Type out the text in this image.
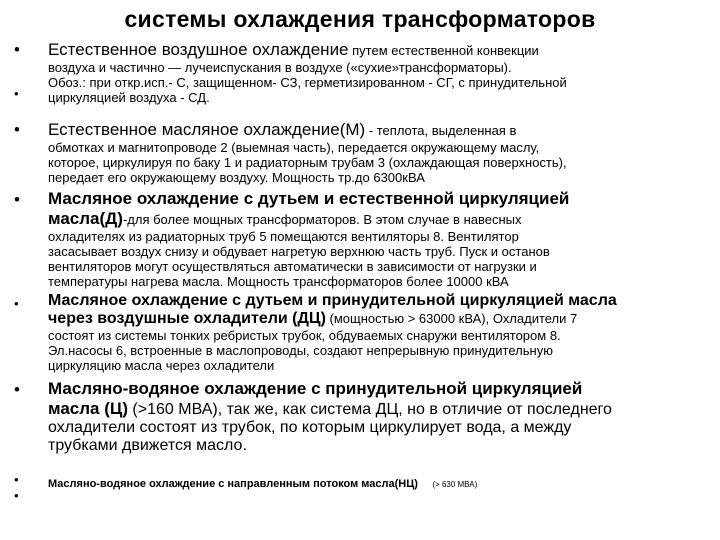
системы охлаждения трансформаторов
•
•
Естественное воздушное охлаждение путем естественной конвекции
воздуха и частично — лучеиспускания в воздухе («сухие»трансформаторы).
Обоз.: при откр.исп.- С, защищенном- СЗ, герметизированном - СГ, с принудительной
циркуляцией воздуха - СД.
• Естественное масляное охлаждение(М) - теплота, выделенная в
обмотках и магнитопроводе 2 (выемная часть), передается окружающему маслу,
которое, циркулируя по баку 1 и радиаторным трубам 3 (охлаждающая поверхность),
передает его окружающему воздуху. Мощность тр.до 6300кВА
• Масляное охлаждение с дутьем и естественной циркуляцией
масла(Д)-для более мощных трансформаторов. В этом случае в навесных
охладителях из радиаторных труб 5 помещаются вентиляторы 8. Вентилятор
засасывает воздух снизу и обдувает нагретую верхнюю часть труб. Пуск и останов
вентиляторов могут осуществляться автоматически в зависимости от нагрузки и
температуры нагрева масла. Мощность трансформаторов более 10000 кВА
• Масляное охлаждение с дутьем и принудительной циркуляцией масла
через воздушные охладители (ДЦ) (мощностью > 63000 кВА), Охладители 7
состоят из системы тонких ребристых трубок, обдуваемых снаружи вентилятором 8.
Эл.насосы 6, встроенные в маслопроводы, создают непрерывную принудительную
циркуляцию масла через охладители
• Масляно-водяное охлаждение с принудительной циркуляцией
масла (Ц) (>160 МВА), так же, как система ДЦ, но в отличие от последнего
охладители состоят из трубок, по которым циркулирует вода, а между
трубками движется масло.
•
•
Масляно-водяное охлаждение с направленным потоком масла(НЦ) (> 630 МВА)
